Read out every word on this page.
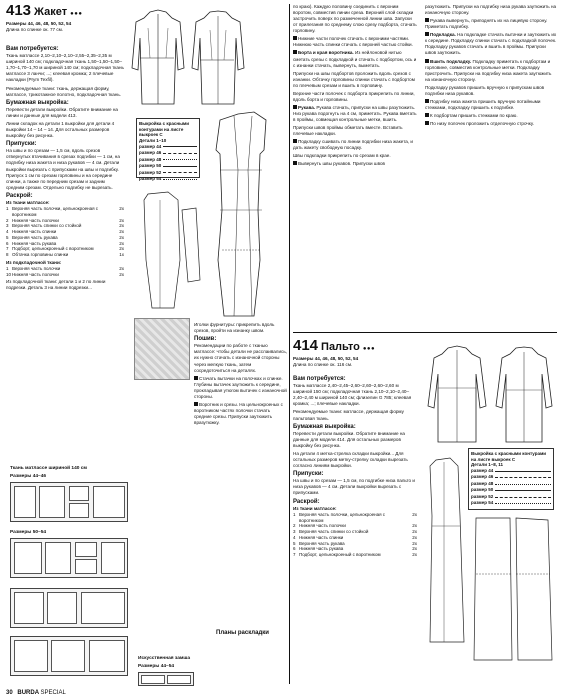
413 Жакет ●●●

Размеры 44, 46, 48, 50, 52, 54

Длина по спинке ок. 77 см.

Вам потребуется:

Ткань матлассе 2,10–2,10–2,10–2,55–2,35–2,35 м шириной 140 см; подкладочная ткань 1,50–1,50–1,50–1,70–1,70–1,70 м шириной 140 см; подкладочная ткань матлассе 3 ланчи; ...; клеевая кромка; 2 плечевые накладки (Prym Texfil).

Рекомендуемые ткани: ткань, держащая форму, матлассе, трикотажное полотно, подкладочная ткань.

Бумажная выкройка:

Перевести детали выкройки. Обратите внимание на линии и данные для модели 413.

Линии складок на детали 1 выкройки для детали 4 выкройки 14 – 14 – 14. Для остальных размеров выкройку без рисунка.

Припуски:

На швы и по срезам — 1,5 см, вдоль срезов отвернутых втачивания в срезах подгибки — 1 см, на подгибку низа жакета и низа рукавов — 4 см. Детали выкройки вырезать с припусками на швы и подгибку. Припуск 1 см по срезам горловины и на середине спинки, а также по передним срезам и задним средним срезам. Отдельно подгибку не вырезать.

Раскрой:

Из ткани матлассе:

1	Верхняя часть полочки, цельнокроеная с воротником	2x
2	Нижняя часть полочки	2x
3	Верхняя часть спинки со стойкой	2x
4	Нижняя часть спинки	2x
5	Верхняя часть рукава	2x
6	Нижняя часть рукава	2x
7	Подборт, цельнокроеный с воротником	2x
8	Обтачка горловины спинки	1x

Из подкладочной ткани:

1	Верхняя часть полочки	2x
10	Нижняя часть полочки	2x

Из подкладочной ткани: детали 1 и 2 по линии подрезки. Деталь 3 на линии подрезки...

Выкройка с красными контурами на листе выкроек C

Детали 1–10

размер 44
размер 46
размер 48
размер 50
размер 52
размер 54

Иголки фурнитуры: прикрепить вдоль срезов, пройти на изнанку швом.

Пошив:

Рекомендации по работе с тканью матлассе: чтобы детали не расслаивались, их нужно стачать с изнаночной стороны через мелкую ткань, затем сосредоточиться на деталях.

Стачать вытачки на полочках и спинке. Глубины вытачек заутюжить к середине, прокладывая утюгом вытачек с изнаночной стороны.

Воротник и срезы. На цельнокроеных с воротником частях полочки стачать средние срезы. Припуски заутюжить вразутюжку.

Ткань матлассе шириной 140 см

Размеры 44–46

Размеры 50–54

Планы раскладки

Искусственная замша

Размеры 44–54

по краю). Каждую половину соединить с верхним воротом, совместив линии среза. Верхний слой складки застрочить поверх по размеченной линии шва. Запуски от прилегания по среднему слою срезу подборта, стачать горловину.

Нижние части полочек стачать с верхними частями. Нижнюю часть спинки стачать с верхней частью стойки.

Борта и края воротника. Из нейлоновой нитью сметать срезы с подкладкой и стачать с подбортом, ось и с изнанки стачать, вывернуть, выметать.

Припуски на швы подбортов проложить вдоль срезов с изнанки. Обтачку горловины спинки стачать с подбортом по плечевым срезам и вшить в горловину.

Верхние части полочек с подборта прикрепить по линии, вдоль борта и горловины.

Рукава. Рукава стачать, припуски на швы разутюжить. Низ рукава подогнуть на 4 см, приметать. Рукава вметать в проймы, совмещая контрольные метки, вшить.

Припуски швов проймы обметать вместе. Вставить плечевые накладки.

Подкладку сшивать по линии подгибки низа жакета, и дать жакету свободную посадку.

Швы подкладки прикрепить по срезам в крае.

Вывернуть швы рукавов. Припуски швов

разутюжить. Припуски на подгибку низа рукава заутюжить на изнаночную сторону.

Рукава вывернуть, приподнять их на лицевую сторону. Приметать подгибку.

Подкладка. На подкладке стачать вытачки и заутюжить их к середине. Подкладку спинки стачать с подкладкой полочек. Подкладку рукавов стачать и вшить в проймы. Припуски швов заутюжить.

Вшить подкладку. Подкладку приметать к подбортам и горловине, совместив контрольные метки. Подкладку пристрочить. Припуски на подгибку низа жакета заутюжить на изнаночную сторону.

Подкладку рукавов пришить вручную к припускам швов подгибки низа рукавов.

Подгибку низа жакета пришить вручную потайными стежками, подкладку пришить к подгибке.

К подбортам пришить стежками по краю.

По низу полочек проложить отделочную строчку.

414 Пальто ●●●

Размеры 44, 46, 48, 50, 52, 54

Длина по спинке ок. 116 см.

Вам потребуется:

Ткань матлассе 2,40–2,45–2,60–2,60–2,60–2,60 м шириной 150 см; подкладочная ткань 2,10–2,10–2,40–2,40–2,40 м шириной 140 см; флизелин G 785; клеевая кромка; ...; плечевые накладки.

Рекомендуемые ткани: матлассе, держащая форму пальтовая ткань.

Бумажная выкройка:

Перевести детали выкройки. Обратите внимание на данные для модели 414. Для остальных размеров выкройку без рисунка.

На детали 4 метка-стрелка складки выкройки... Для остальных размеров метку-стрелку складки вырезать согласно линиям выкройки.

Припуски:

На швы и по срезам — 1,5 см, по подгибке низа пальто и низа рукавов — 4 см. Детали выкройки вырезать с припусками.

Раскрой:

Из ткани матлассе:

1	Верхняя часть полочки, цельнокроеная с воротником	2x
2	Нижняя часть полочки	2x
3	Верхняя часть спинки со стойкой	2x
4	Нижняя часть спинки	2x
5	Верхняя часть рукава	2x
6	Нижняя часть рукава	2x
7	Подборт, цельнокроеный с воротником	2x

Выкройка с красными контурами на листе выкроек C

Детали 1–8, 11

размер 44
размер 46
размер 48
размер 50
размер 52
размер 54
30 BURDA SPECIAL
